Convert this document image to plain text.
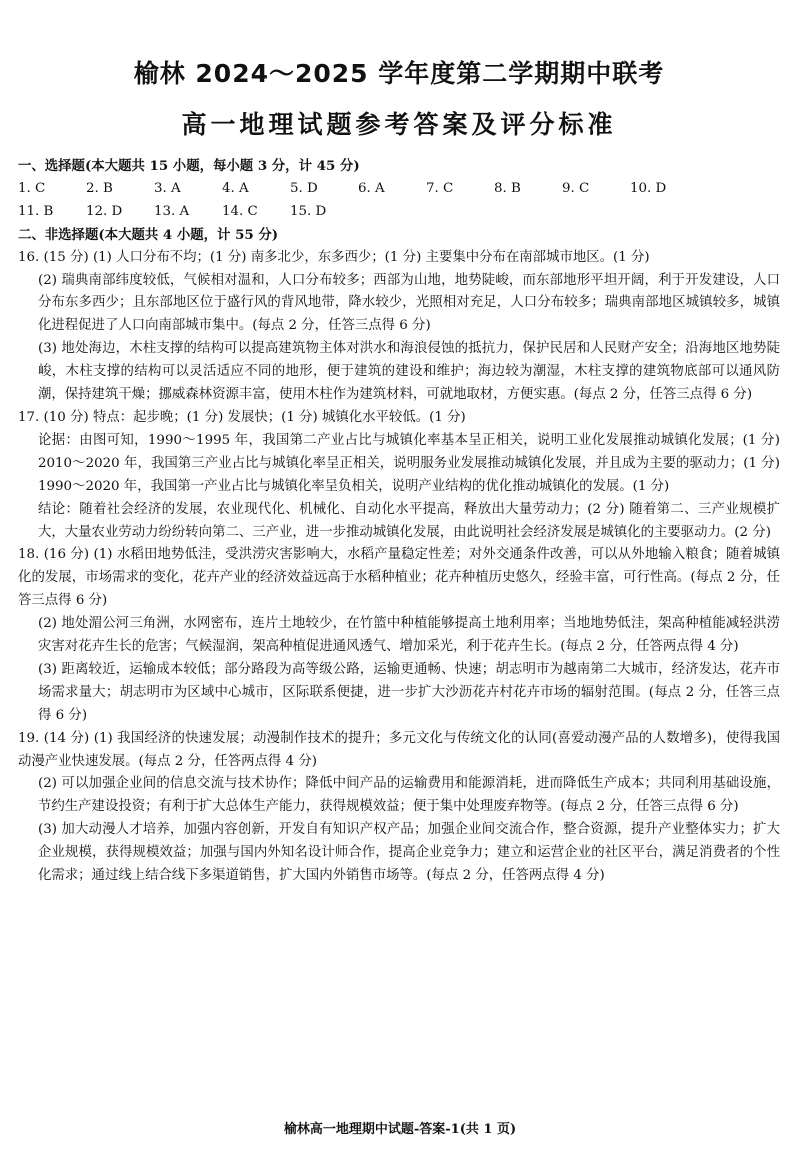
榆林 2024～2025 学年度第二学期期中联考
高一地理试题参考答案及评分标准

一、选择题(本大题共 15 小题，每小题 3 分，计 45 分)

1. C	2. B	3. A	4. A	5. D	6. A	7. C	8. B	9. C	10. D
11. B	12. D	13. A	14. C	15. D

二、非选择题(本大题共 4 小题，计 55 分)

16. (15 分) (1) 人口分布不均；(1 分) 南多北少，东多西少；(1 分) 主要集中分布在南部城市地区。(1 分)

(2) 瑞典南部纬度较低，气候相对温和，人口分布较多；西部为山地，地势陡峻，而东部地形平坦开阔，利于开发建设，人口分布东多西少；且东部地区位于盛行风的背风地带，降水较少，光照相对充足，人口分布较多；瑞典南部地区城镇较多，城镇化进程促进了人口向南部城市集中。(每点 2 分，任答三点得 6 分)

(3) 地处海边，木柱支撑的结构可以提高建筑物主体对洪水和海浪侵蚀的抵抗力，保护民居和人民财产安全；沿海地区地势陡峻，木柱支撑的结构可以灵活适应不同的地形，便于建筑的建设和维护；海边较为潮湿，木柱支撑的建筑物底部可以通风防潮，保持建筑干燥；挪威森林资源丰富，使用木柱作为建筑材料，可就地取材，方便实惠。(每点 2 分，任答三点得 6 分)

17. (10 分) 特点：起步晚；(1 分) 发展快；(1 分) 城镇化水平较低。(1 分)

论据：由图可知，1990～1995 年，我国第二产业占比与城镇化率基本呈正相关，说明工业化发展推动城镇化发展；(1 分) 2010～2020 年，我国第三产业占比与城镇化率呈正相关，说明服务业发展推动城镇化发展，并且成为主要的驱动力；(1 分) 1990～2020 年，我国第一产业占比与城镇化率呈负相关，说明产业结构的优化推动城镇化的发展。(1 分)

结论：随着社会经济的发展，农业现代化、机械化、自动化水平提高，释放出大量劳动力；(2 分) 随着第二、三产业规模扩大，大量农业劳动力纷纷转向第二、三产业，进一步推动城镇化发展，由此说明社会经济发展是城镇化的主要驱动力。(2 分)

18. (16 分) (1) 水稻田地势低洼，受洪涝灾害影响大，水稻产量稳定性差；对外交通条件改善，可以从外地输入粮食；随着城镇化的发展，市场需求的变化，花卉产业的经济效益远高于水稻种植业；花卉种植历史悠久，经验丰富，可行性高。(每点 2 分，任答三点得 6 分)

(2) 地处湄公河三角洲，水网密布，连片土地较少，在竹篮中种植能够提高土地利用率；当地地势低洼，架高种植能减轻洪涝灾害对花卉生长的危害；气候湿润，架高种植促进通风透气、增加采光，利于花卉生长。(每点 2 分，任答两点得 4 分)

(3) 距离较近，运输成本较低；部分路段为高等级公路，运输更通畅、快速；胡志明市为越南第二大城市，经济发达，花卉市场需求量大；胡志明市为区域中心城市，区际联系便捷，进一步扩大沙沥花卉村花卉市场的辐射范围。(每点 2 分，任答三点得 6 分)

19. (14 分) (1) 我国经济的快速发展；动漫制作技术的提升；多元文化与传统文化的认同(喜爱动漫产品的人数增多)，使得我国动漫产业快速发展。(每点 2 分，任答两点得 4 分)

(2) 可以加强企业间的信息交流与技术协作；降低中间产品的运输费用和能源消耗，进而降低生产成本；共同利用基础设施，节约生产建设投资；有利于扩大总体生产能力，获得规模效益；便于集中处理废弃物等。(每点 2 分，任答三点得 6 分)

(3) 加大动漫人才培养，加强内容创新，开发自有知识产权产品；加强企业间交流合作，整合资源，提升产业整体实力；扩大企业规模，获得规模效益；加强与国内外知名设计师合作，提高企业竞争力；建立和运营企业的社区平台，满足消费者的个性化需求；通过线上结合线下多渠道销售，扩大国内外销售市场等。(每点 2 分，任答两点得 4 分)

榆林高一地理期中试题-答案-1(共 1 页)
